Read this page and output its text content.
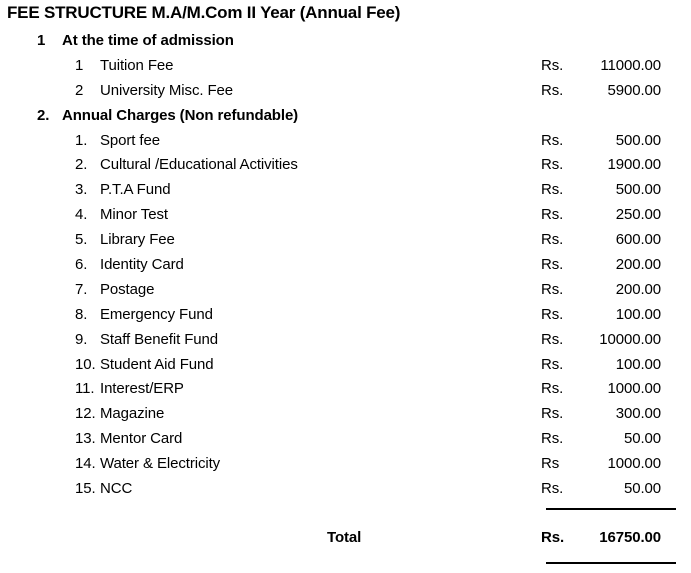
FEE STRUCTURE M.A/M.Com II Year (Annual Fee)
1	At the time of admission
1	Tuition Fee	Rs.	11000.00
2	University Misc. Fee	Rs.	5900.00
2. Annual Charges (Non refundable)
1. Sport fee	Rs.	500.00
2. Cultural /Educational Activities	Rs.	1900.00
3. P.T.A Fund	Rs.	500.00
4. Minor Test	Rs.	250.00
5. Library Fee	Rs.	600.00
6. Identity Card	Rs.	200.00
7. Postage	Rs.	200.00
8. Emergency Fund	Rs.	100.00
9. Staff Benefit Fund	Rs.	10000.00
10. Student Aid Fund	Rs.	100.00
11. Interest/ERP	Rs.	1000.00
12. Magazine	Rs.	300.00
13. Mentor Card	Rs.	50.00
14. Water & Electricity	Rs	1000.00
15. NCC	Rs.	50.00
Total	Rs.	16750.00
